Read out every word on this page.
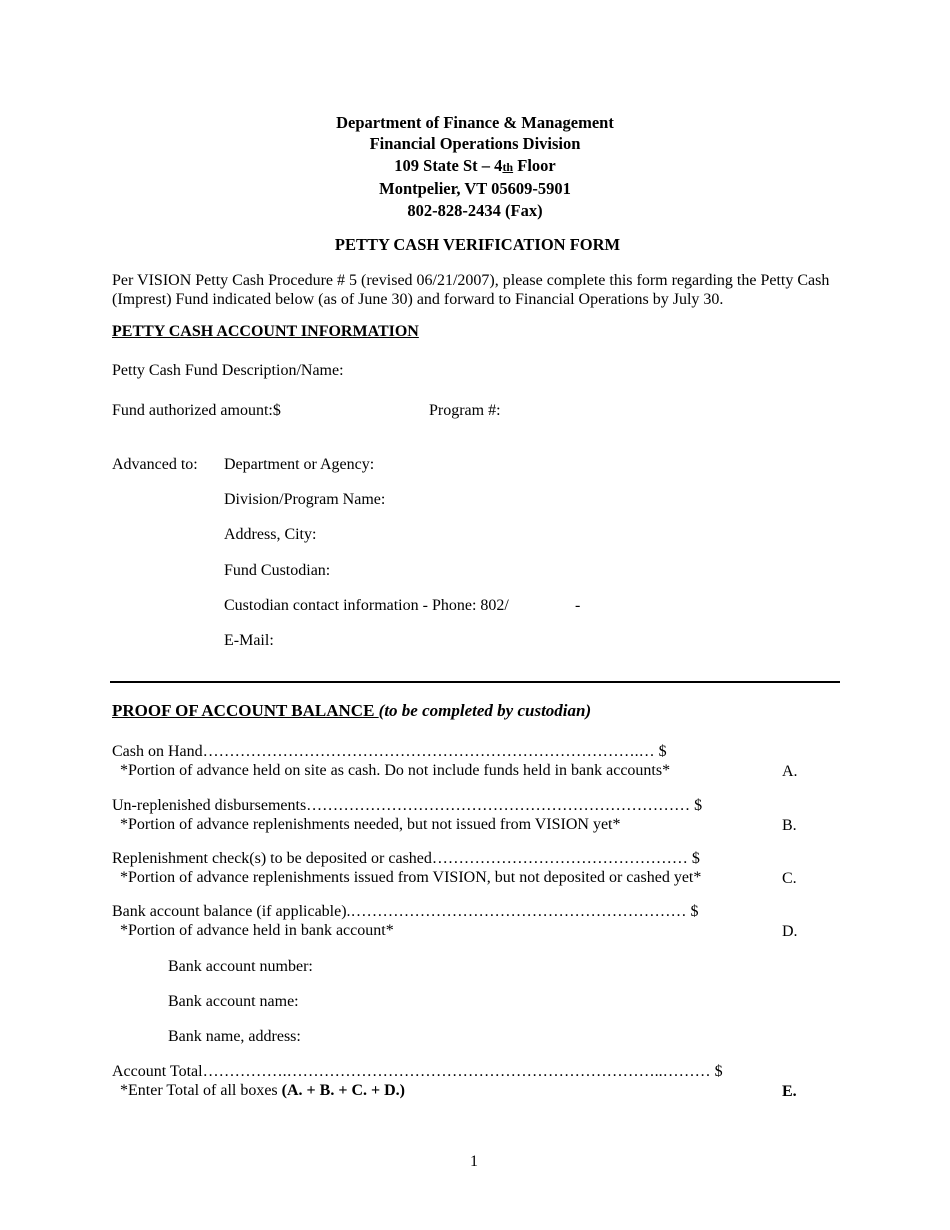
Department of Finance & Management
Financial Operations Division
109 State St – 4th Floor
Montpelier, VT 05609-5901
802-828-2434 (Fax)
PETTY CASH VERIFICATION FORM
Per VISION Petty Cash Procedure # 5 (revised 06/21/2007), please complete this form regarding the Petty Cash (Imprest) Fund indicated below (as of June 30) and forward to Financial Operations by July 30.
PETTY CASH ACCOUNT INFORMATION
Petty Cash Fund Description/Name:
Fund authorized amount:$	Program #:
Advanced to: Department or Agency:
Division/Program Name:
Address, City:
Fund Custodian:
Custodian contact information - Phone: 802/	-
E-Mail:
PROOF OF ACCOUNT BALANCE (to be completed by custodian)
Cash on Hand……………………………………………………………………….… $
*Portion of advance held on site as cash. Do not include funds held in bank accounts*	A.
Un-replenished disbursements……………………………………………………………… $
*Portion of advance replenishments needed, but not issued from VISION yet*	B.
Replenishment check(s) to be deposited or cashed………………………………………… $
*Portion of advance replenishments issued from VISION, but not deposited or cashed yet*	C.
Bank account balance (if applicable).……………………………………………………… $
*Portion of advance held in bank account*	D.
Bank account number:
Bank account name:
Bank name, address:
Account Total…………….……………………………………………………………..……… $
*Enter Total of all boxes (A. + B. + C. + D.)	E.
1
